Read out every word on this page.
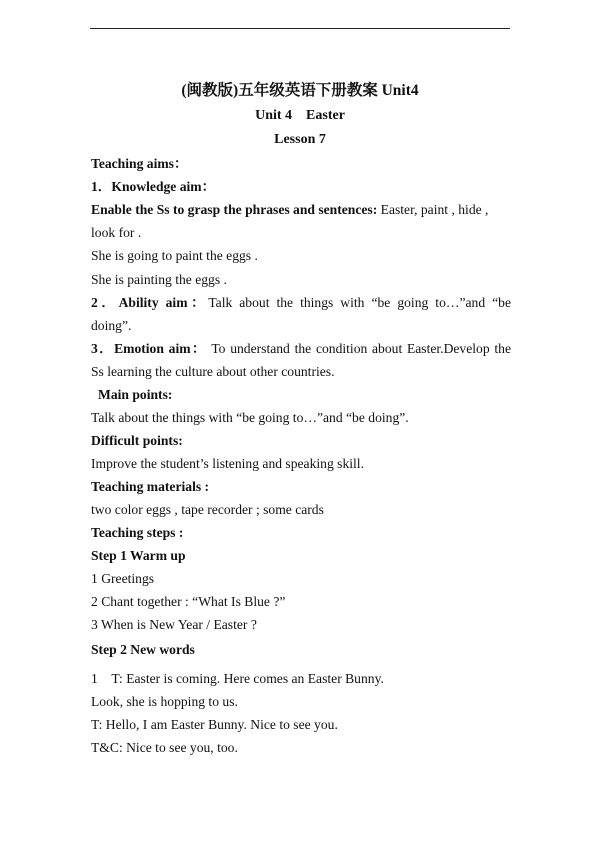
(闽教版)五年级英语下册教案 Unit4
Unit 4    Easter
Lesson 7
Teaching aims：
1．Knowledge aim：
Enable the Ss to grasp the phrases and sentences: Easter, paint , hide ,
look for .
She is going to paint the eggs .
She is painting the eggs .
2．Ability aim：Talk about the things with “be going to…”and “be
doing”.
3．Emotion aim： To understand the condition about Easter.Develop the
Ss learning the culture about other countries.
Main points:
Talk about the things with “be going to…”and “be doing”.
Difficult points:
Improve the student’s listening and speaking skill.
Teaching materials :
two color eggs , tape recorder ; some cards
Teaching steps :
Step 1 Warm up
1 Greetings
2 Chant together : “What Is Blue ?”
3 When is New Year / Easter ?
Step 2 New words
1    T: Easter is coming. Here comes an Easter Bunny.
Look, she is hopping to us.
T: Hello, I am Easter Bunny. Nice to see you.
T&C: Nice to see you, too.
